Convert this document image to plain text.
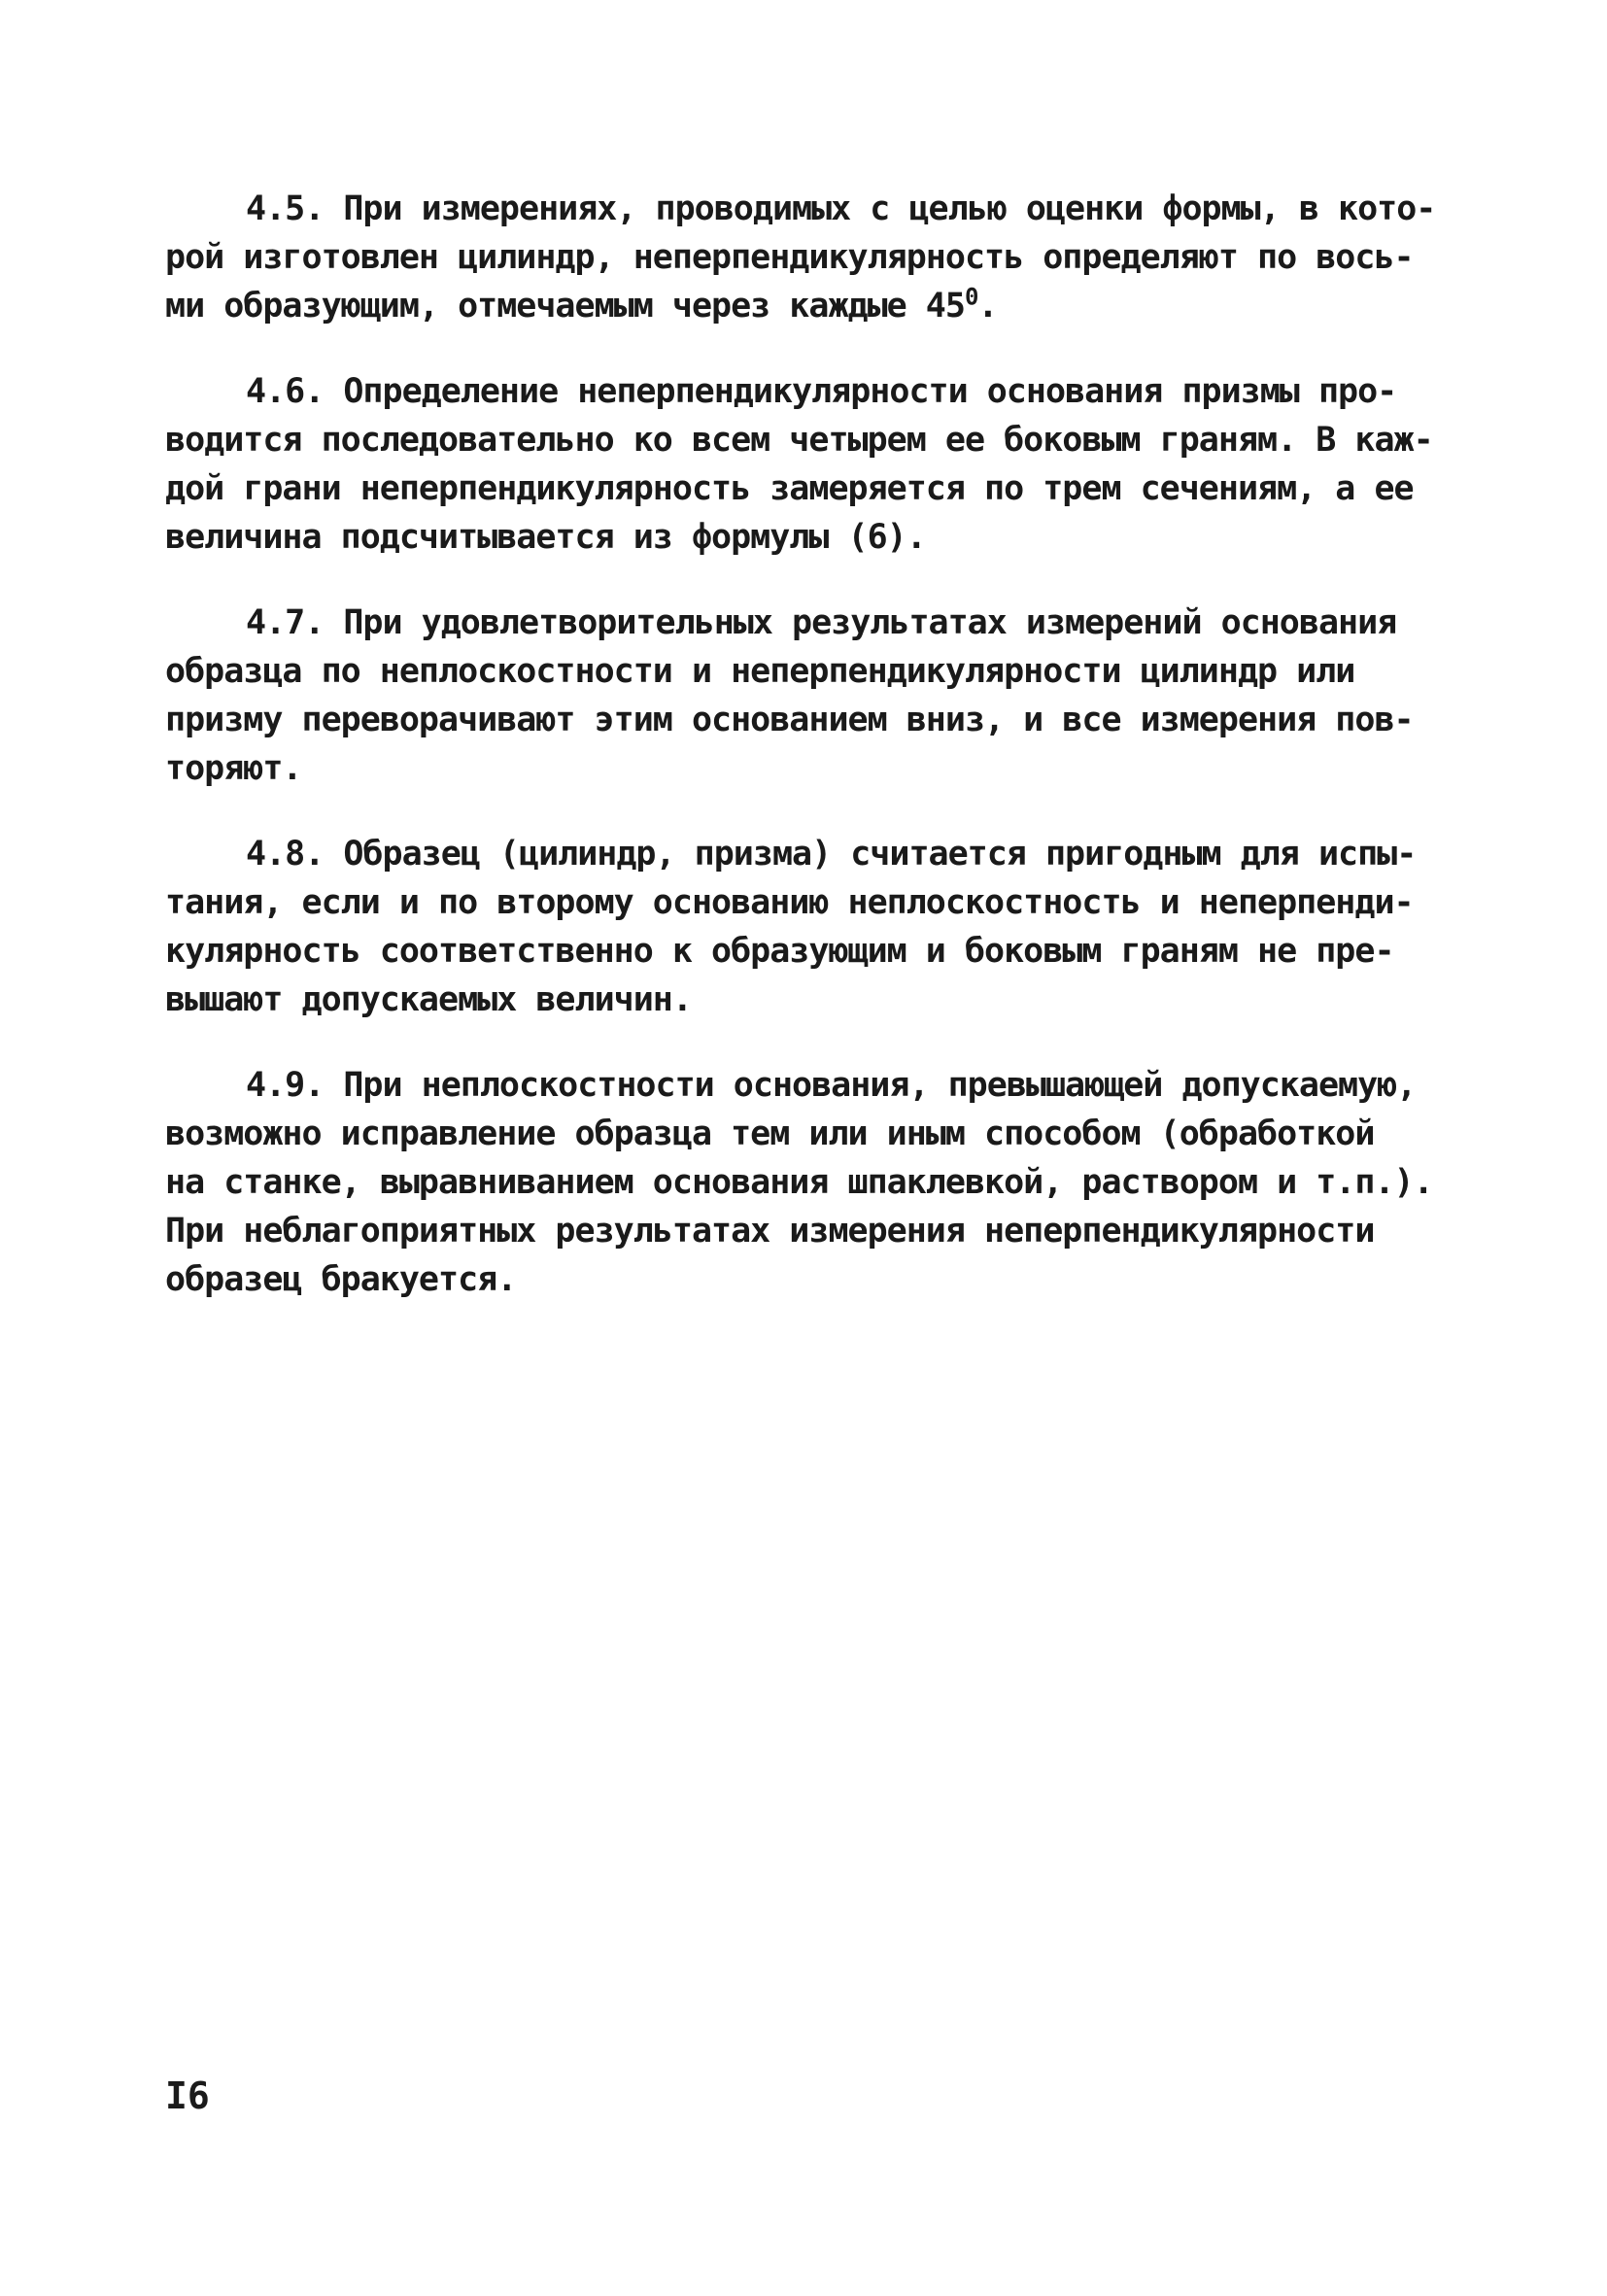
4.5. При измерениях, проводимых с целью оценки формы, в кото-
рой изготовлен цилиндр, неперпендикулярность определяют по вось-
ми образующим, отмечаемым через каждые $45^0$.
4.6. Определение неперпендикулярности основания призмы про-
водится последовательно ко всем четырем ее боковым граням. В каж-
дой грани неперпендикулярность замеряется по трем сечениям, а ее
величина подсчитывается из формулы (6).
4.7. При удовлетворительных результатах измерений основания
образца по неплоскостности и неперпендикулярности цилиндр или
призму переворачивают этим основанием вниз, и все измерения пов-
торяют.
4.8. Образец (цилиндр, призма) считается пригодным для испы-
тания, если и по второму основанию неплоскостность и неперпенди-
кулярность соответственно к образующим и боковым граням не пре-
вышают допускаемых величин.
4.9. При неплоскостности основания, превышающей допускаемую,
возможно исправление образца тем или иным способом (обработкой
на станке, выравниванием основания шпаклевкой, раствором и т.п.).
При неблагоприятных результатах измерения неперпендикулярности
образец бракуется.
I6
